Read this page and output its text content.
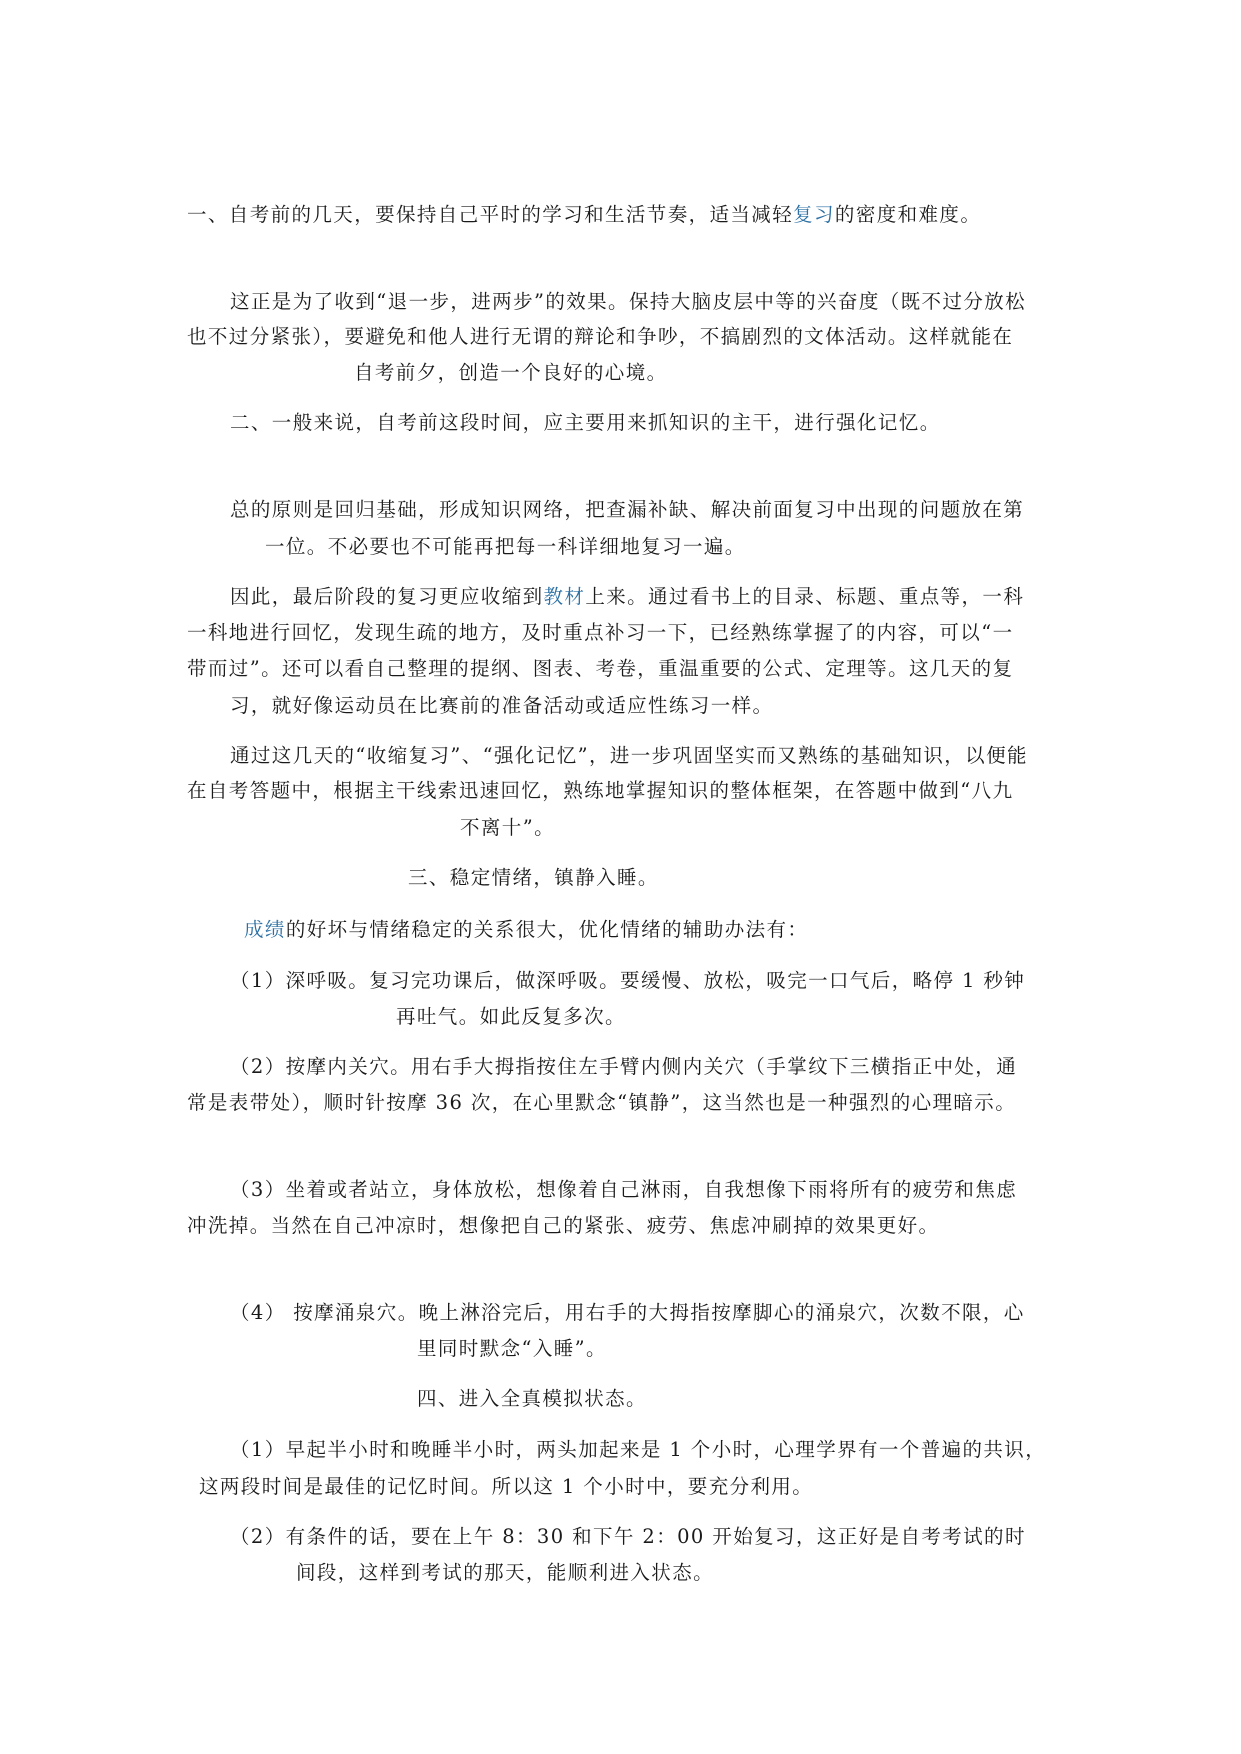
一、自考前的几天，要保持自己平时的学习和生活节奏，适当减轻复习的密度和难度。
这正是为了收到“退一步，进两步”的效果。保持大脑皮层中等的兴奋度（既不过分放松
也不过分紧张），要避免和他人进行无谓的辩论和争吵，不搞剧烈的文体活动。这样就能在
自考前夕，创造一个良好的心境。
二、一般来说，自考前这段时间，应主要用来抓知识的主干，进行强化记忆。
总的原则是回归基础，形成知识网络，把查漏补缺、解决前面复习中出现的问题放在第
一位。不必要也不可能再把每一科详细地复习一遍。
因此，最后阶段的复习更应收缩到教材上来。通过看书上的目录、标题、重点等，一科
一科地进行回忆，发现生疏的地方，及时重点补习一下，已经熟练掌握了的内容，可以“一
带而过”。还可以看自己整理的提纲、图表、考卷，重温重要的公式、定理等。这几天的复
习，就好像运动员在比赛前的准备活动或适应性练习一样。
通过这几天的“收缩复习”、“强化记忆”，进一步巩固坚实而又熟练的基础知识，以便能
在自考答题中，根据主干线索迅速回忆，熟练地掌握知识的整体框架，在答题中做到“八九
不离十”。
三、稳定情绪，镇静入睡。
成绩的好坏与情绪稳定的关系很大，优化情绪的辅助办法有：
（1）深呼吸。复习完功课后，做深呼吸。要缓慢、放松，吸完一口气后，略停 1 秒钟
再吐气。如此反复多次。
（2）按摩内关穴。用右手大拇指按住左手臂内侧内关穴（手掌纹下三横指正中处，通
常是表带处），顺时针按摩 36 次，在心里默念“镇静”，这当然也是一种强烈的心理暗示。
（3）坐着或者站立，身体放松，想像着自己淋雨，自我想像下雨将所有的疲劳和焦虑
冲洗掉。当然在自己冲凉时，想像把自己的紧张、疲劳、焦虑冲刷掉的效果更好。
（4） 按摩涌泉穴。晚上淋浴完后，用右手的大拇指按摩脚心的涌泉穴，次数不限，心
里同时默念“入睡”。
四、进入全真模拟状态。
（1）早起半小时和晚睡半小时，两头加起来是 1 个小时，心理学界有一个普遍的共识，
这两段时间是最佳的记忆时间。所以这 1 个小时中，要充分利用。
（2）有条件的话，要在上午 8：30 和下午 2：00 开始复习，这正好是自考考试的时
间段，这样到考试的那天，能顺利进入状态。
